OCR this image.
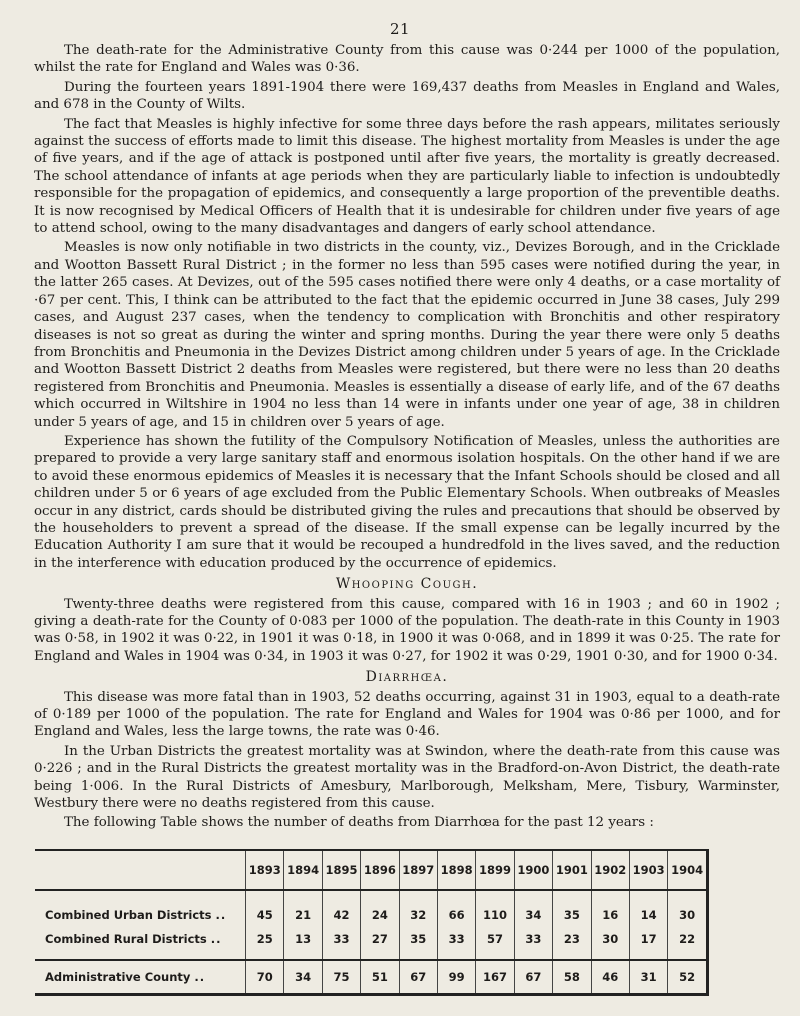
21

The death-rate for the Administrative County from this cause was 0·244 per 1000 of the population, whilst the rate for England and Wales was 0·36.

During the fourteen years 1891-1904 there were 169,437 deaths from Measles in England and Wales, and 678 in the County of Wilts.

The fact that Measles is highly infective for some three days before the rash appears, militates seriously against the success of efforts made to limit this disease. The highest mortality from Measles is under the age of five years, and if the age of attack is postponed until after five years, the mortality is greatly decreased. The school attendance of infants at age periods when they are particularly liable to infection is undoubtedly responsible for the propagation of epidemics, and consequently a large proportion of the preventible deaths. It is now recognised by Medical Officers of Health that it is undesirable for children under five years of age to attend school, owing to the many disadvantages and dangers of early school attendance.

Measles is now only notifiable in two districts in the county, viz., Devizes Borough, and in the Cricklade and Wootton Bassett Rural District ; in the former no less than 595 cases were notified during the year, in the latter 265 cases. At Devizes, out of the 595 cases notified there were only 4 deaths, or a case mortality of ·67 per cent. This, I think can be attributed to the fact that the epidemic occurred in June 38 cases, July 299 cases, and August 237 cases, when the tendency to complication with Bronchitis and other respiratory diseases is not so great as during the winter and spring months. During the year there were only 5 deaths from Bronchitis and Pneumonia in the Devizes District among children under 5 years of age. In the Cricklade and Wootton Bassett District 2 deaths from Measles were registered, but there were no less than 20 deaths registered from Bronchitis and Pneumonia. Measles is essentially a disease of early life, and of the 67 deaths which occurred in Wiltshire in 1904 no less than 14 were in infants under one year of age, 38 in children under 5 years of age, and 15 in children over 5 years of age.

Experience has shown the futility of the Compulsory Notification of Measles, unless the authorities are prepared to provide a very large sanitary staff and enormous isolation hospitals. On the other hand if we are to avoid these enormous epidemics of Measles it is necessary that the Infant Schools should be closed and all children under 5 or 6 years of age excluded from the Public Elementary Schools. When outbreaks of Measles occur in any district, cards should be distributed giving the rules and precautions that should be observed by the householders to prevent a spread of the disease. If the small expense can be legally incurred by the Education Authority I am sure that it would be recouped a hundredfold in the lives saved, and the reduction in the interference with education produced by the occurrence of epidemics.

Whooping Cough.

Twenty-three deaths were registered from this cause, compared with 16 in 1903 ; and 60 in 1902 ; giving a death-rate for the County of 0·083 per 1000 of the population. The death-rate in this County in 1903 was 0·58, in 1902 it was 0·22, in 1901 it was 0·18, in 1900 it was 0·068, and in 1899 it was 0·25. The rate for England and Wales in 1904 was 0·34, in 1903 it was 0·27, for 1902 it was 0·29, 1901 0·30, and for 1900 0·34.

Diarrhœa.

This disease was more fatal than in 1903, 52 deaths occurring, against 31 in 1903, equal to a death-rate of 0·189 per 1000 of the population. The rate for England and Wales for 1904 was 0·86 per 1000, and for England and Wales, less the large towns, the rate was 0·46.

In the Urban Districts the greatest mortality was at Swindon, where the death-rate from this cause was 0·226 ; and in the Rural Districts the greatest mortality was in the Bradford-on-Avon District, the death-rate being 1·006. In the Rural Districts of Amesbury, Marlborough, Melksham, Mere, Tisbury, Warminster, Westbury there were no deaths registered from this cause.

The following Table shows the number of deaths from Diarrhœa for the past 12 years :

	1893	1894	1895	1896	1897	1898	1899	1900	1901	1902	1903	1904
Combined Urban Districts ..	45	21	42	24	32	66	110	34	35	16	14	30
Combined Rural Districts ..	25	13	33	27	35	33	57	33	23	30	17	22
Administrative County ..	70	34	75	51	67	99	167	67	58	46	31	52
